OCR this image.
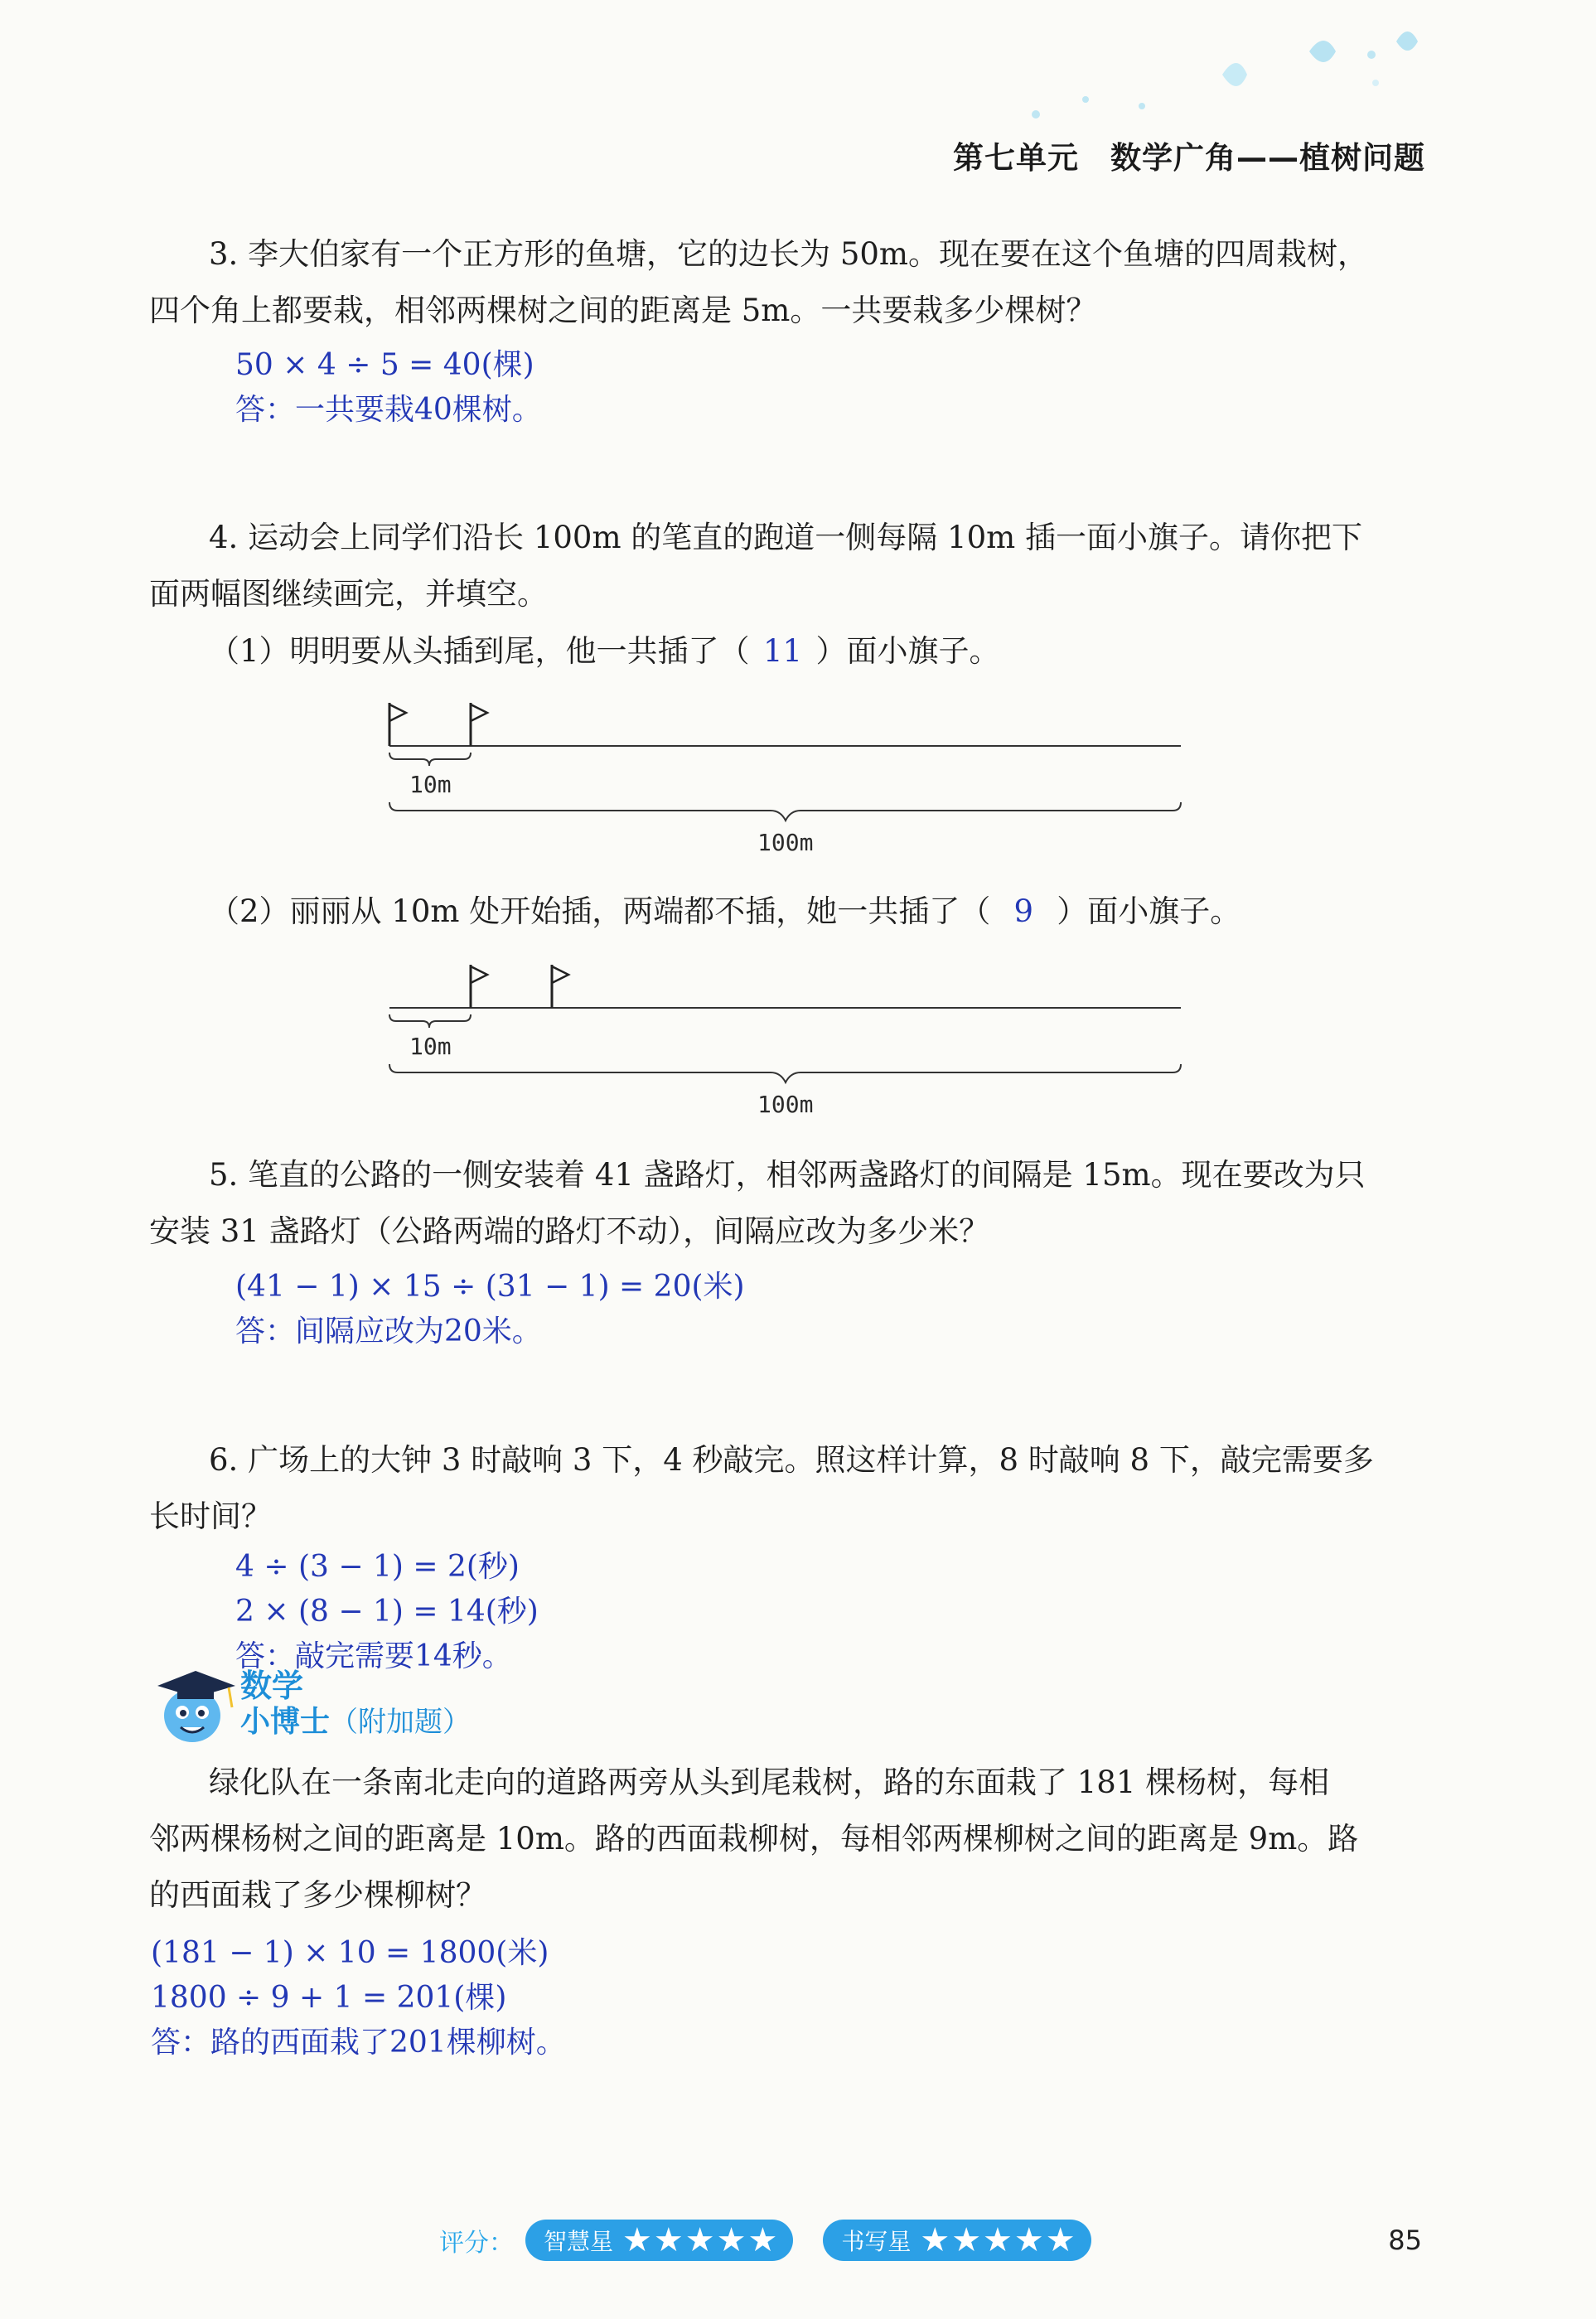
第七单元　数学广角——植树问题

3. 李大伯家有一个正方形的鱼塘，它的边长为 50m。现在要在这个鱼塘的四周栽树，

四个角上都要栽，相邻两棵树之间的距离是 5m。一共要栽多少棵树？

50 × 4 ÷ 5 = 40(棵)
答：一共要栽40棵树。

4. 运动会上同学们沿长 100m 的笔直的跑道一侧每隔 10m 插一面小旗子。请你把下

面两幅图继续画完，并填空。

（1）明明要从头插到尾，他一共插了（ 11 ）面小旗子。
10m
100m
（2）丽丽从 10m 处开始插，两端都不插，她一共插了（ 9 ）面小旗子。
10m
100m

5. 笔直的公路的一侧安装着 41 盏路灯，相邻两盏路灯的间隔是 15m。现在要改为只

安装 31 盏路灯（公路两端的路灯不动），间隔应改为多少米？

(41 − 1) × 15 ÷ (31 − 1) = 20(米)
答：间隔应改为20米。

6. 广场上的大钟 3 时敲响 3 下，4 秒敲完。照这样计算，8 时敲响 8 下，敲完需要多

长时间？

4 ÷ (3 − 1) = 2(秒)
2 × (8 − 1) = 14(秒)
答：敲完需要14秒。
数学
小博士（附加题）

绿化队在一条南北走向的道路两旁从头到尾栽树，路的东面栽了 181 棵杨树，每相

邻两棵杨树之间的距离是 10m。路的西面栽柳树，每相邻两棵柳树之间的距离是 9m。路

的西面栽了多少棵柳树？

(181 − 1) × 10 = 1800(米)
1800 ÷ 9 + 1 = 201(棵)
答：路的西面栽了201棵柳树。
评分： 智慧星 ★ ★ ★ ★ ★	书写星 ★ ★ ★ ★ ★	85
